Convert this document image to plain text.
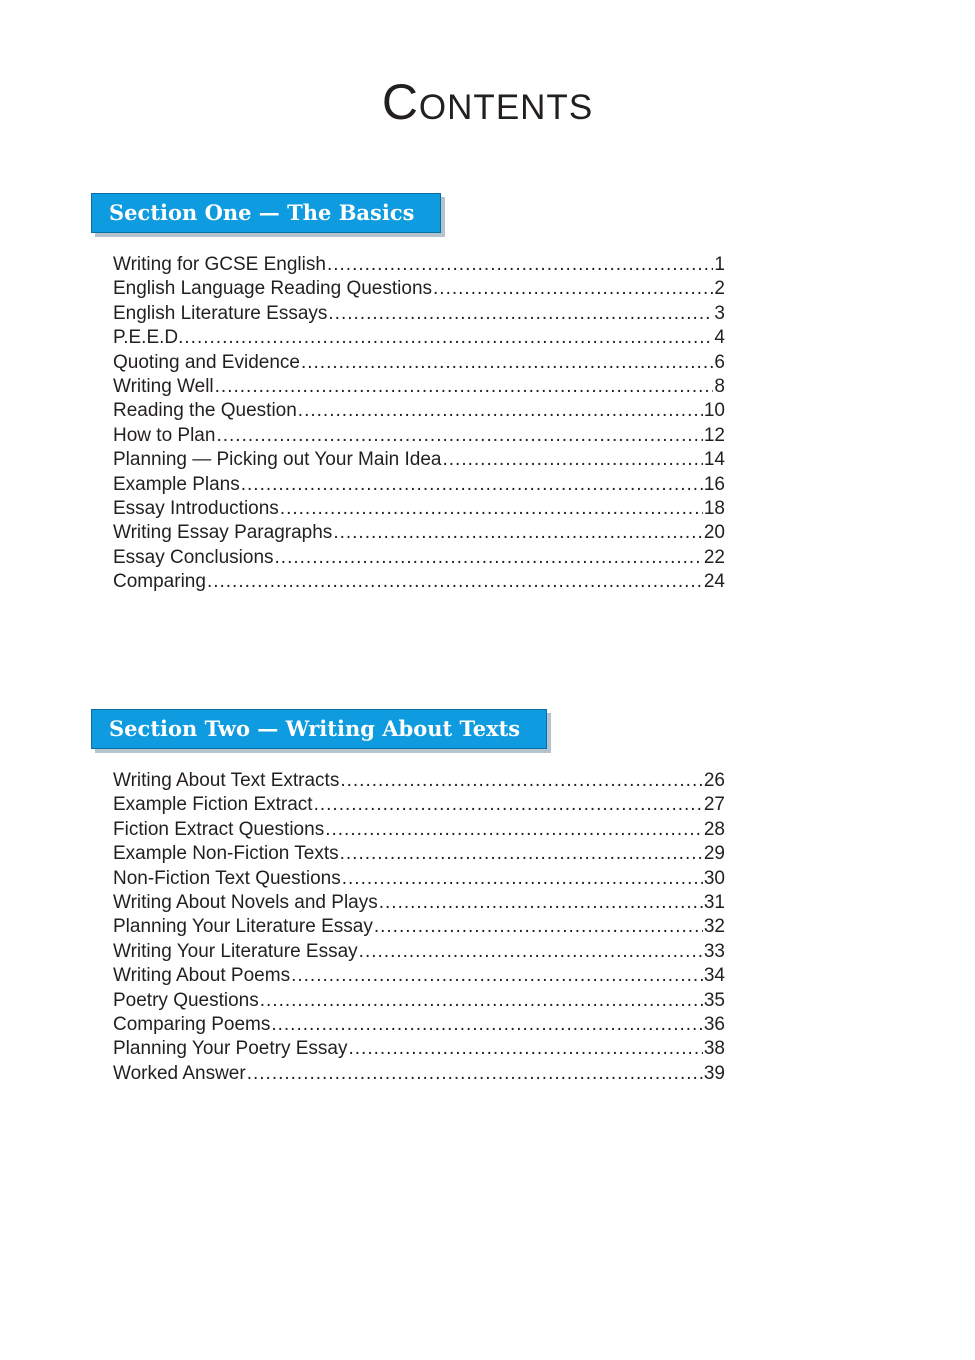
Contents
Section One — The Basics
Writing for GCSE English .....	1
English Language Reading Questions .....	2
English Literature Essays .....	3
P.E.E.D. .....	4
Quoting and Evidence .....	6
Writing Well .....	8
Reading the Question .....	10
How to Plan .....	12
Planning — Picking out Your Main Idea .....	14
Example Plans .....	16
Essay Introductions .....	18
Writing Essay Paragraphs .....	20
Essay Conclusions .....	22
Comparing .....	24
Section Two — Writing About Texts
Writing About Text Extracts .....	26
Example Fiction Extract .....	27
Fiction Extract Questions .....	28
Example Non-Fiction Texts .....	29
Non-Fiction Text Questions .....	30
Writing About Novels and Plays .....	31
Planning Your Literature Essay .....	32
Writing Your Literature Essay .....	33
Writing About Poems .....	34
Poetry Questions .....	35
Comparing Poems .....	36
Planning Your Poetry Essay .....	38
Worked Answer .....	39
